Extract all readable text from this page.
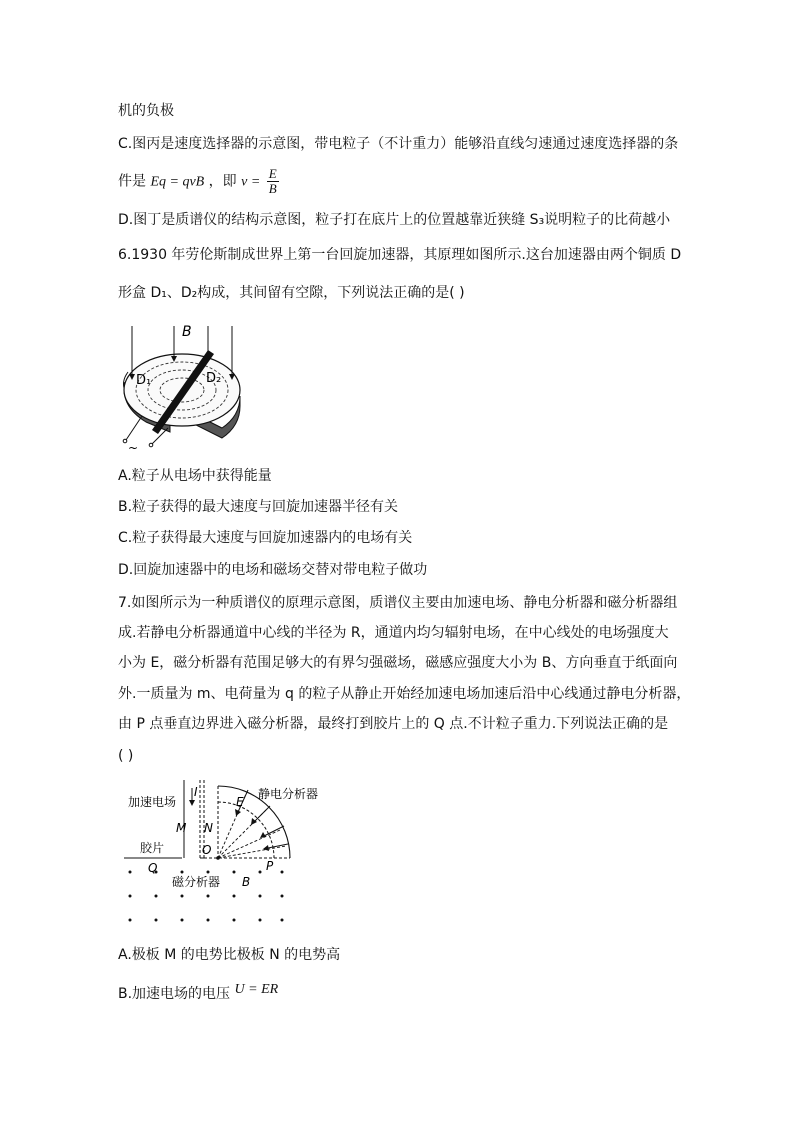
机的负极
C.图丙是速度选择器的示意图，带电粒子（不计重力）能够沿直线匀速通过速度选择器的条
件是 Eq = qvB ，即 $v = \frac{E}{B}$
D.图丁是质谱仪的结构示意图，粒子打在底片上的位置越靠近狭缝 S₃说明粒子的比荷越小
6.1930 年劳伦斯制成世界上第一台回旋加速器，其原理如图所示.这台加速器由两个铜质 D
形盒 D₁、D₂构成，其间留有空隙，下列说法正确的是( )
B
D₁	D₂
~
A.粒子从电场中获得能量
B.粒子获得的最大速度与回旋加速器半径有关
C.粒子获得最大速度与回旋加速器内的电场有关
D.回旋加速器中的电场和磁场交替对带电粒子做功
7.如图所示为一种质谱仪的原理示意图，质谱仪主要由加速电场、静电分析器和磁分析器组
成.若静电分析器通道中心线的半径为 R，通道内均匀辐射电场，在中心线处的电场强度大
小为 E，磁分析器有范围足够大的有界匀强磁场，磁感应强度大小为 B、方向垂直于纸面向
外.一质量为 m、电荷量为 q 的粒子从静止开始经加速电场加速后沿中心线通过静电分析器，
由 P 点垂直边界进入磁分析器，最终打到胶片上的 Q 点.不计粒子重力.下列说法正确的是
( )
加速电场
I
M N
E
静电分析器
胶片	O
P
Q
磁分析器 B
A.极板 M 的电势比极板 N 的电势高
B.加速电场的电压 U = ER
